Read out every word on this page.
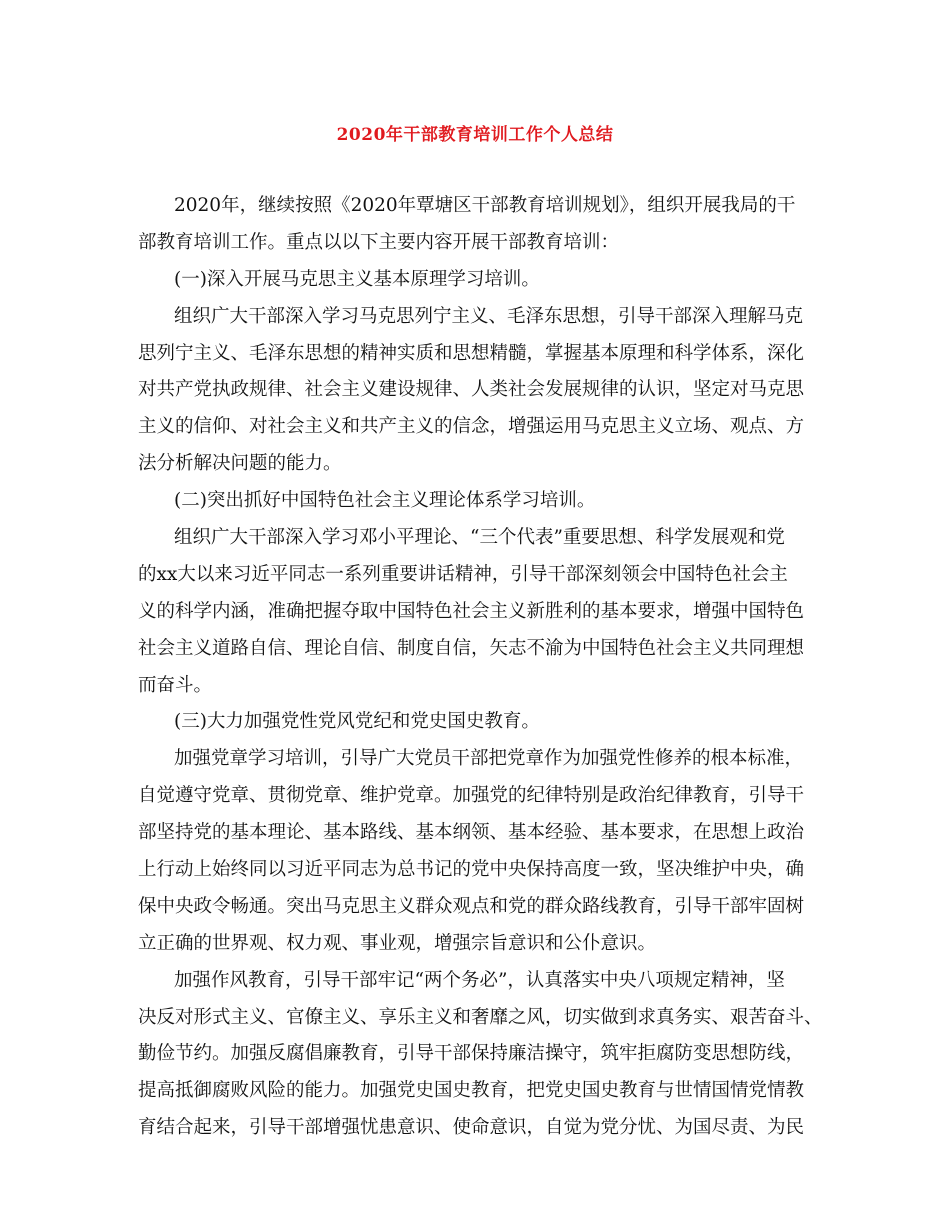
2020年干部教育培训工作个人总结
2020年，继续按照《2020年覃塘区干部教育培训规划》，组织开展我局的干
部教育培训工作。重点以以下主要内容开展干部教育培训：
(一)深入开展马克思主义基本原理学习培训。
组织广大干部深入学习马克思列宁主义、毛泽东思想，引导干部深入理解马克
思列宁主义、毛泽东思想的精神实质和思想精髓，掌握基本原理和科学体系，深化
对共产党执政规律、社会主义建设规律、人类社会发展规律的认识，坚定对马克思
主义的信仰、对社会主义和共产主义的信念，增强运用马克思主义立场、观点、方
法分析解决问题的能力。
(二)突出抓好中国特色社会主义理论体系学习培训。
组织广大干部深入学习邓小平理论、“三个代表”重要思想、科学发展观和党
的xx大以来习近平同志一系列重要讲话精神，引导干部深刻领会中国特色社会主
义的科学内涵，准确把握夺取中国特色社会主义新胜利的基本要求，增强中国特色
社会主义道路自信、理论自信、制度自信，矢志不渝为中国特色社会主义共同理想
而奋斗。
(三)大力加强党性党风党纪和党史国史教育。
加强党章学习培训，引导广大党员干部把党章作为加强党性修养的根本标准，
自觉遵守党章、贯彻党章、维护党章。加强党的纪律特别是政治纪律教育，引导干
部坚持党的基本理论、基本路线、基本纲领、基本经验、基本要求，在思想上政治
上行动上始终同以习近平同志为总书记的党中央保持高度一致，坚决维护中央，确
保中央政令畅通。突出马克思主义群众观点和党的群众路线教育，引导干部牢固树
立正确的世界观、权力观、事业观，增强宗旨意识和公仆意识。
加强作风教育，引导干部牢记“两个务必”，认真落实中央八项规定精神，坚
决反对形式主义、官僚主义、享乐主义和奢靡之风，切实做到求真务实、艰苦奋斗、
勤俭节约。加强反腐倡廉教育，引导干部保持廉洁操守，筑牢拒腐防变思想防线，
提高抵御腐败风险的能力。加强党史国史教育，把党史国史教育与世情国情党情教
育结合起来，引导干部增强忧患意识、使命意识，自觉为党分忧、为国尽责、为民
